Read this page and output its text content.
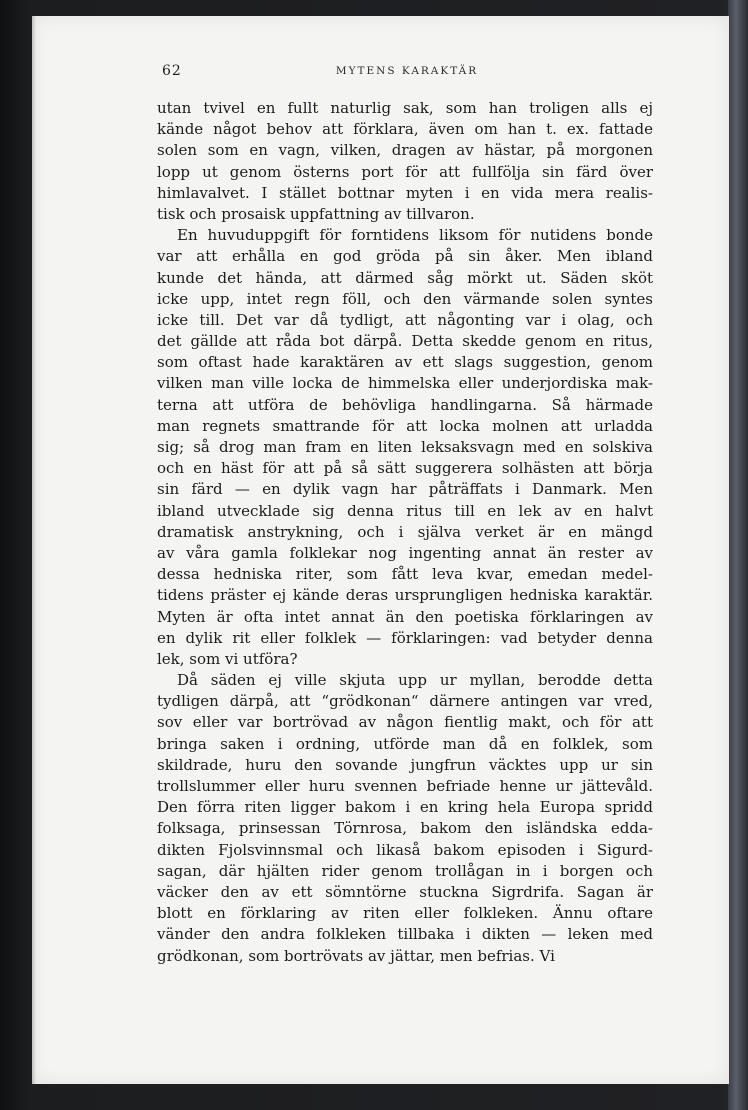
62	MYTENS KARAKTÄR
utan tvivel en fullt naturlig sak, som han troligen alls ej
kände något behov att förklara, även om han t. ex. fattade
solen som en vagn, vilken, dragen av hästar, på morgonen
lopp ut genom österns port för att fullfölja sin färd över
himlavalvet. I stället bottnar myten i en vida mera realis-
tisk och prosaisk uppfattning av tillvaron.
En huvuduppgift för forntidens liksom för nutidens bonde
var att erhålla en god gröda på sin åker. Men ibland
kunde det hända, att därmed såg mörkt ut. Säden sköt
icke upp, intet regn föll, och den värmande solen syntes
icke till. Det var då tydligt, att någonting var i olag, och
det gällde att råda bot därpå. Detta skedde genom en ritus,
som oftast hade karaktären av ett slags suggestion, genom
vilken man ville locka de himmelska eller underjordiska mak-
terna att utföra de behövliga handlingarna. Så härmade
man regnets smattrande för att locka molnen att urladda
sig; så drog man fram en liten leksaksvagn med en solskiva
och en häst för att på så sätt suggerera solhästen att börja
sin färd — en dylik vagn har påträffats i Danmark. Men
ibland utvecklade sig denna ritus till en lek av en halvt
dramatisk anstrykning, och i själva verket är en mängd
av våra gamla folklekar nog ingenting annat än rester av
dessa hedniska riter, som fått leva kvar, emedan medel-
tidens präster ej kände deras ursprungligen hedniska karaktär.
Myten är ofta intet annat än den poetiska förklaringen av
en dylik rit eller folklek — förklaringen: vad betyder denna
lek, som vi utföra?
Då säden ej ville skjuta upp ur myllan, berodde detta
tydligen därpå, att “grödkonan“ därnere antingen var vred,
sov eller var bortrövad av någon fientlig makt, och för att
bringa saken i ordning, utförde man då en folklek, som
skildrade, huru den sovande jungfrun väcktes upp ur sin
trollslummer eller huru svennen befriade henne ur jättevåld.
Den förra riten ligger bakom i en kring hela Europa spridd
folksaga, prinsessan Törnrosa, bakom den isländska edda-
dikten Fjolsvinnsmal och likaså bakom episoden i Sigurd-
sagan, där hjälten rider genom trollågan in i borgen och
väcker den av ett sömntörne stuckna Sigrdrifa. Sagan är
blott en förklaring av riten eller folkleken. Ännu oftare
vänder den andra folkleken tillbaka i dikten — leken med
grödkonan, som bortrövats av jättar, men befrias. Vi
